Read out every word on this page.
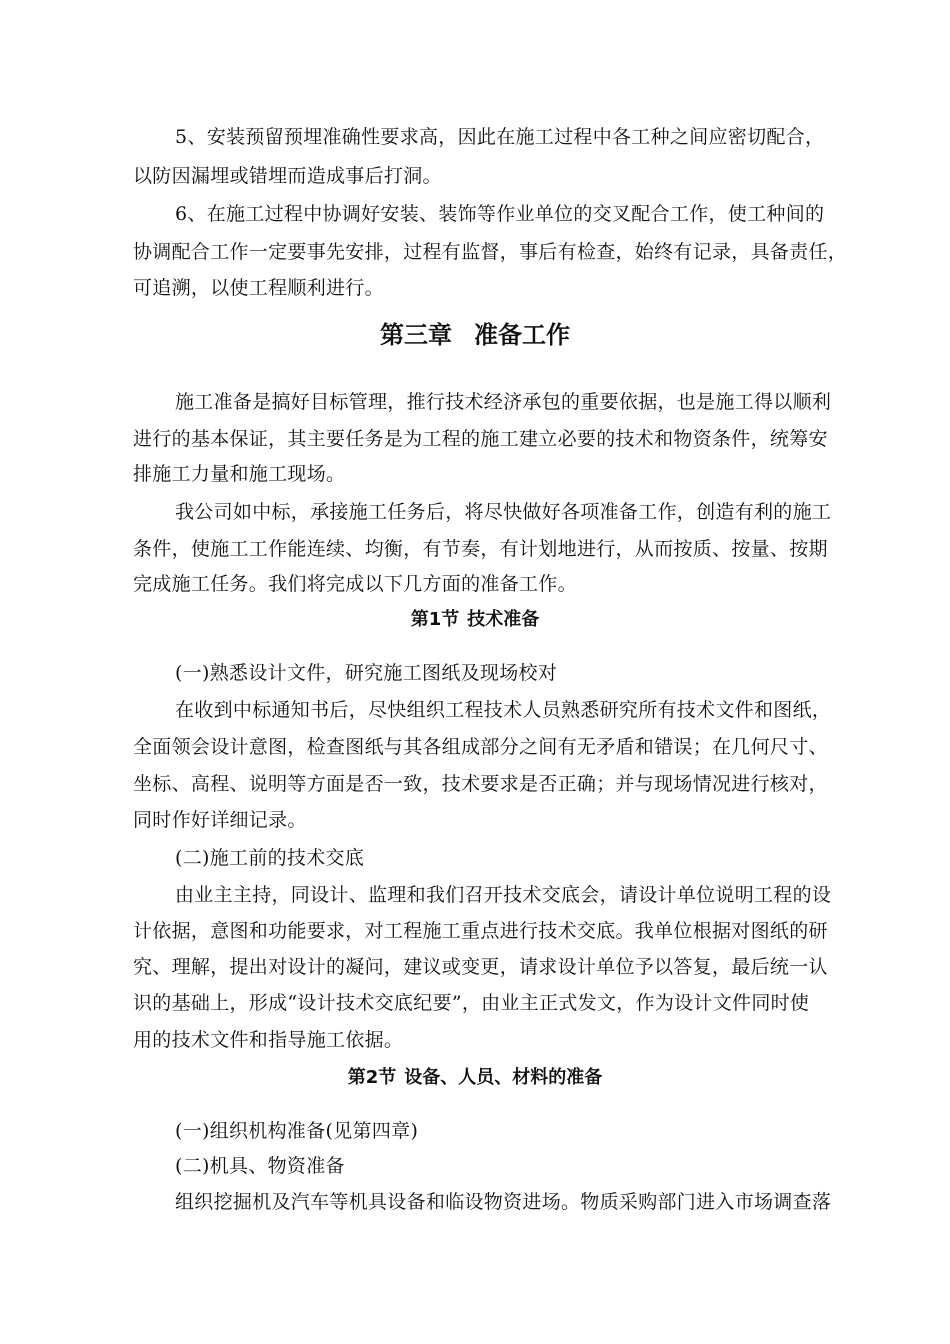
5、安装预留预埋准确性要求高，因此在施工过程中各工种之间应密切配合，

以防因漏埋或错埋而造成事后打洞。

6、在施工过程中协调好安装、装饰等作业单位的交叉配合工作，使工种间的

协调配合工作一定要事先安排，过程有监督，事后有检查，始终有记录，具备责任，

可追溯，以使工程顺利进行。

第三章 准备工作

施工准备是搞好目标管理，推行技术经济承包的重要依据，也是施工得以顺利

进行的基本保证，其主要任务是为工程的施工建立必要的技术和物资条件，统筹安

排施工力量和施工现场。

我公司如中标，承接施工任务后，将尽快做好各项准备工作，创造有利的施工

条件，使施工工作能连续、均衡，有节奏，有计划地进行，从而按质、按量、按期

完成施工任务。我们将完成以下几方面的准备工作。

第1节 技术准备

(一)熟悉设计文件，研究施工图纸及现场校对

在收到中标通知书后，尽快组织工程技术人员熟悉研究所有技术文件和图纸，

全面领会设计意图，检查图纸与其各组成部分之间有无矛盾和错误；在几何尺寸、

坐标、高程、说明等方面是否一致，技术要求是否正确；并与现场情况进行核对，

同时作好详细记录。

(二)施工前的技术交底

由业主主持，同设计、监理和我们召开技术交底会，请设计单位说明工程的设

计依据，意图和功能要求，对工程施工重点进行技术交底。我单位根据对图纸的研

究、理解，提出对设计的凝问，建议或变更，请求设计单位予以答复，最后统一认

识的基础上，形成“设计技术交底纪要”，由业主正式发文，作为设计文件同时使

用的技术文件和指导施工依据。

第2节 设备、人员、材料的准备

(一)组织机构准备(见第四章)

(二)机具、物资准备

组织挖掘机及汽车等机具设备和临设物资进场。物质采购部门进入市场调查落
